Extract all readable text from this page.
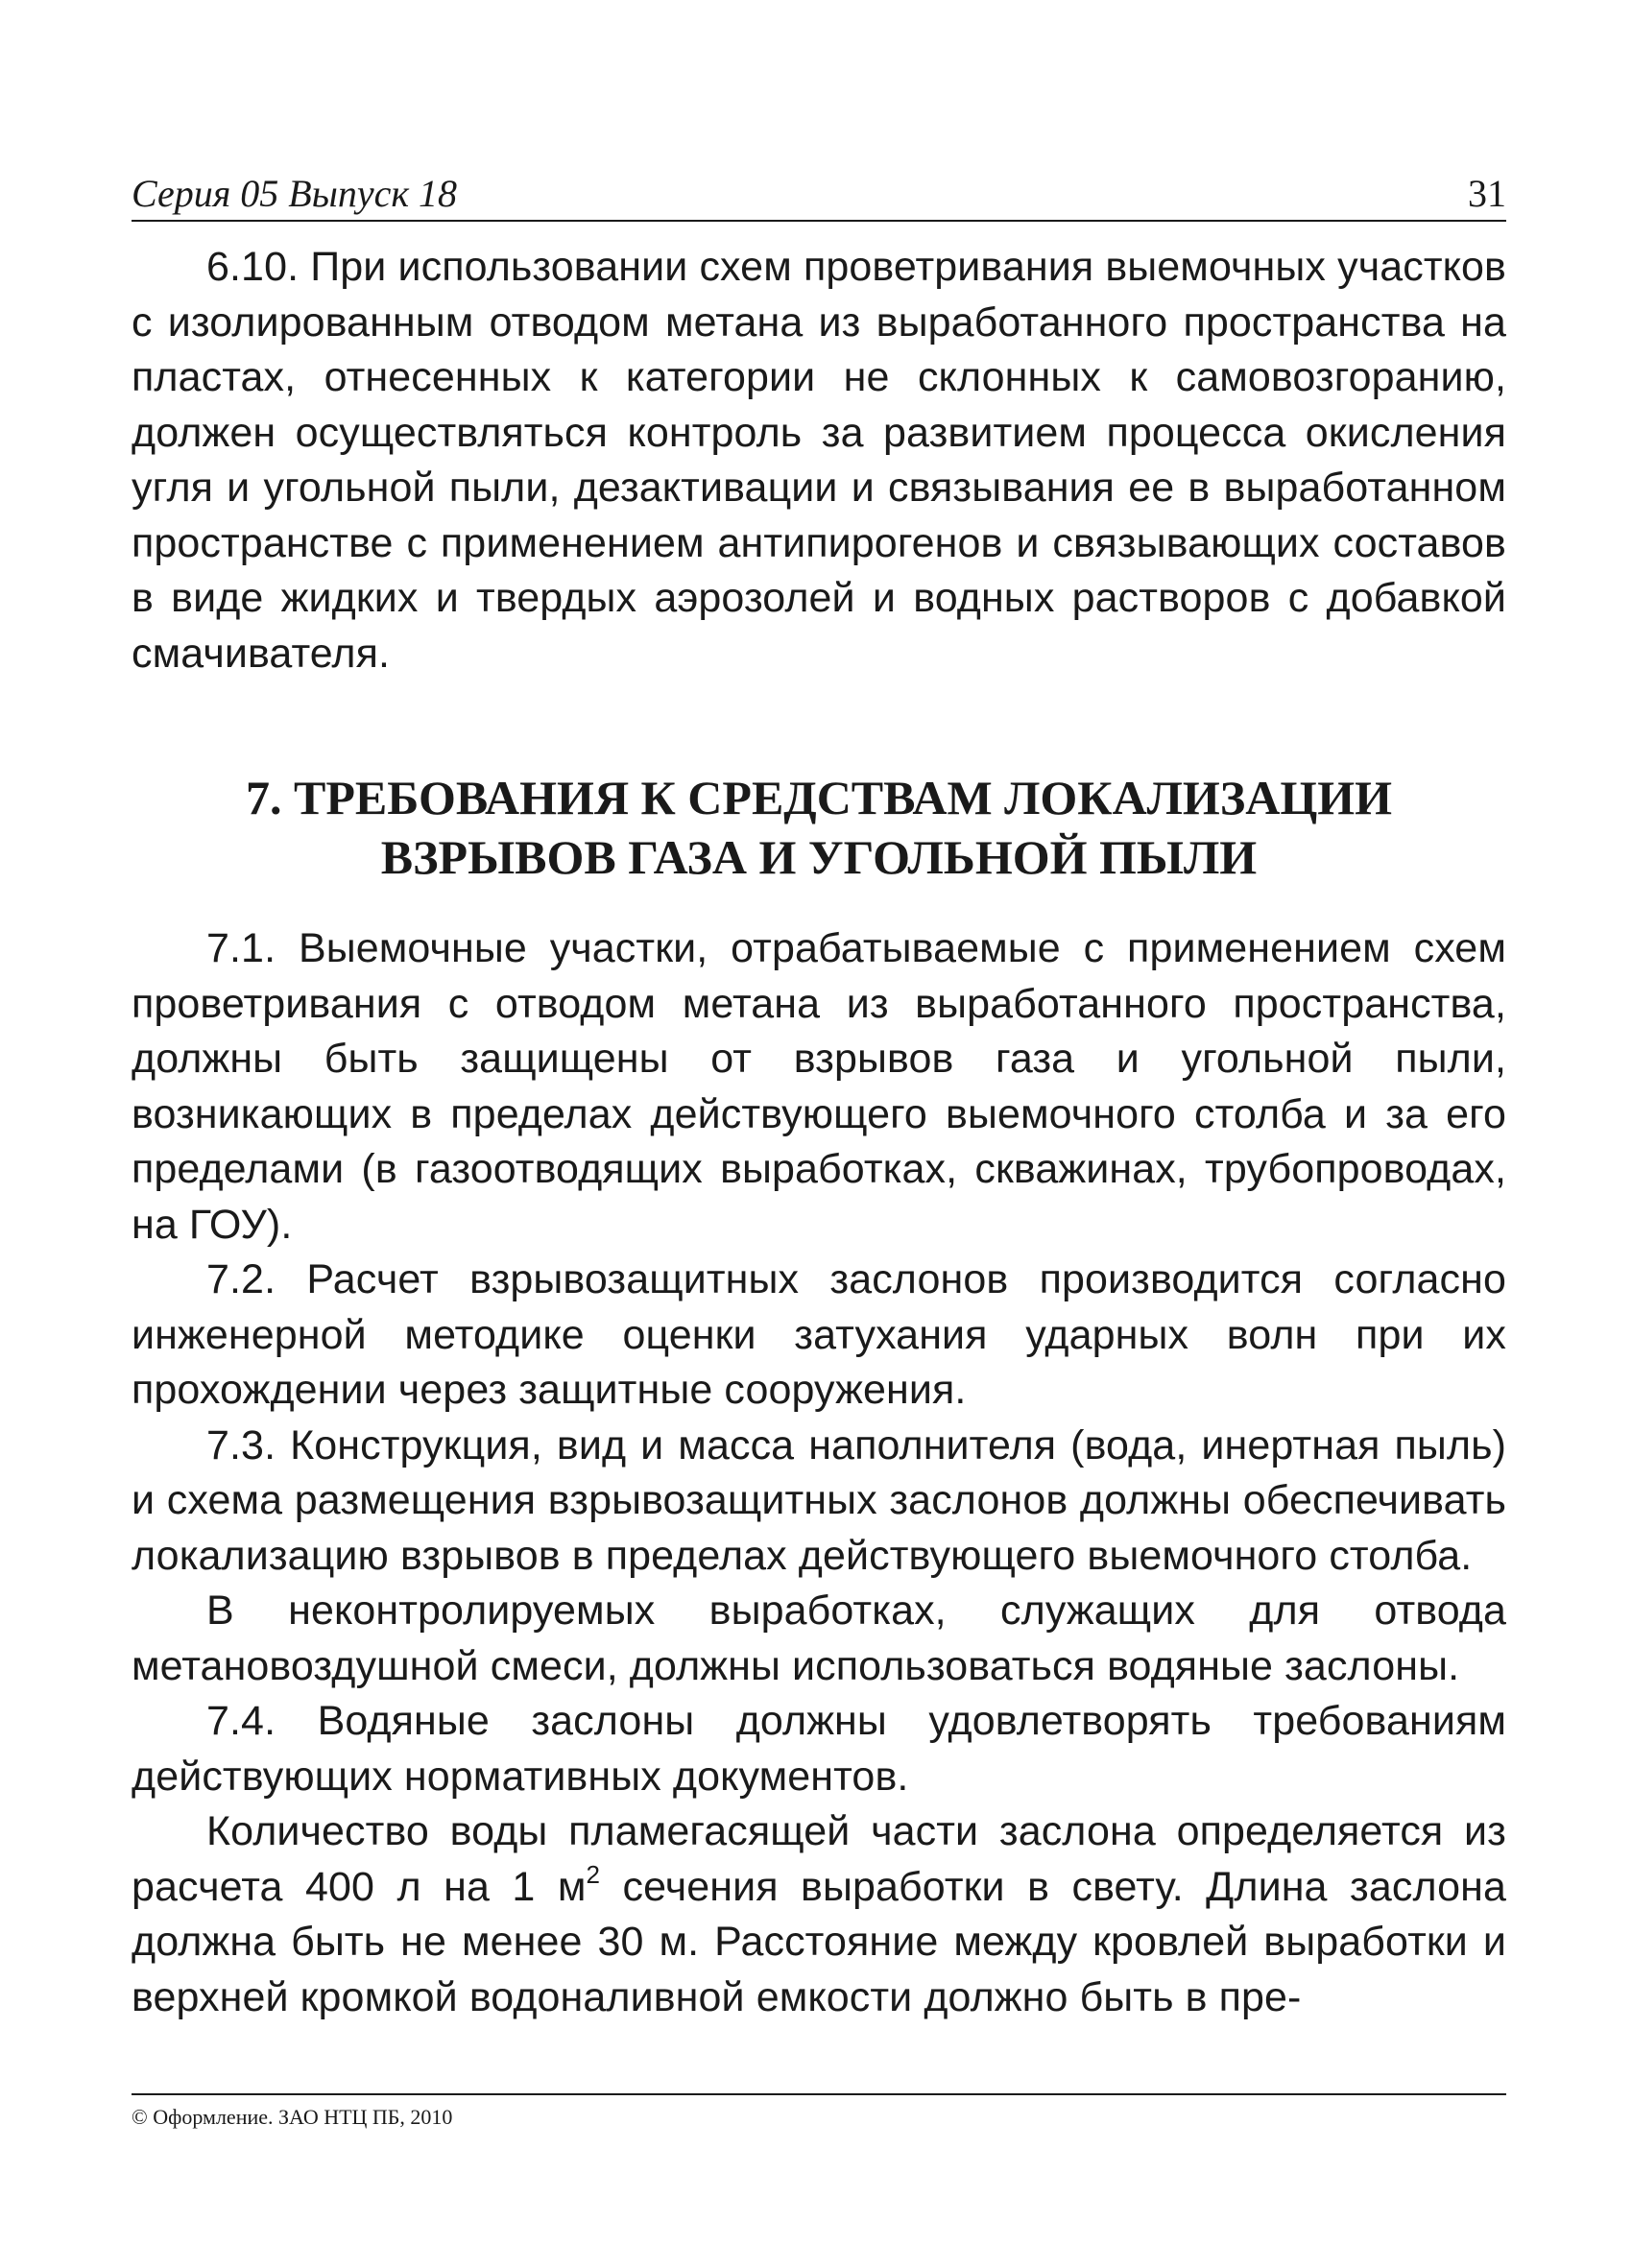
Серия 05 Выпуск 18	31

6.10. При использовании схем проветривания выемочных участков с изолированным отводом метана из выработанного пространства на пластах, отнесенных к категории не склонных к самовозгоранию, должен осуществляться контроль за развитием процесса окисления угля и угольной пыли, дезактивации и связывания ее в выработанном пространстве с применением антипирогенов и связывающих составов в виде жидких и твердых аэрозолей и водных растворов с добавкой смачивателя.

7. ТРЕБОВАНИЯ К СРЕДСТВАМ ЛОКАЛИЗАЦИИ
ВЗРЫВОВ ГАЗА И УГОЛЬНОЙ ПЫЛИ

7.1. Выемочные участки, отрабатываемые с применением схем проветривания с отводом метана из выработанного пространства, должны быть защищены от взрывов газа и угольной пыли, возникающих в пределах действующего выемочного столба и за его пределами (в газоотводящих выработках, скважинах, трубопроводах, на ГОУ).

7.2. Расчет взрывозащитных заслонов производится согласно инженерной методике оценки затухания ударных волн при их прохождении через защитные сооружения.

7.3. Конструкция, вид и масса наполнителя (вода, инертная пыль) и схема размещения взрывозащитных заслонов должны обеспечивать локализацию взрывов в пределах действующего выемочного столба.

В неконтролируемых выработках, служащих для отвода метановоздушной смеси, должны использоваться водяные заслоны.

7.4. Водяные заслоны должны удовлетворять требованиям действующих нормативных документов.

Количество воды пламегасящей части заслона определяется из расчета 400 л на 1 $м^2$ сечения выработки в свету. Длина заслона должна быть не менее 30 м. Расстояние между кровлей выработки и верхней кромкой водоналивной емкости должно быть в пре-

© Оформление. ЗАО НТЦ ПБ, 2010
